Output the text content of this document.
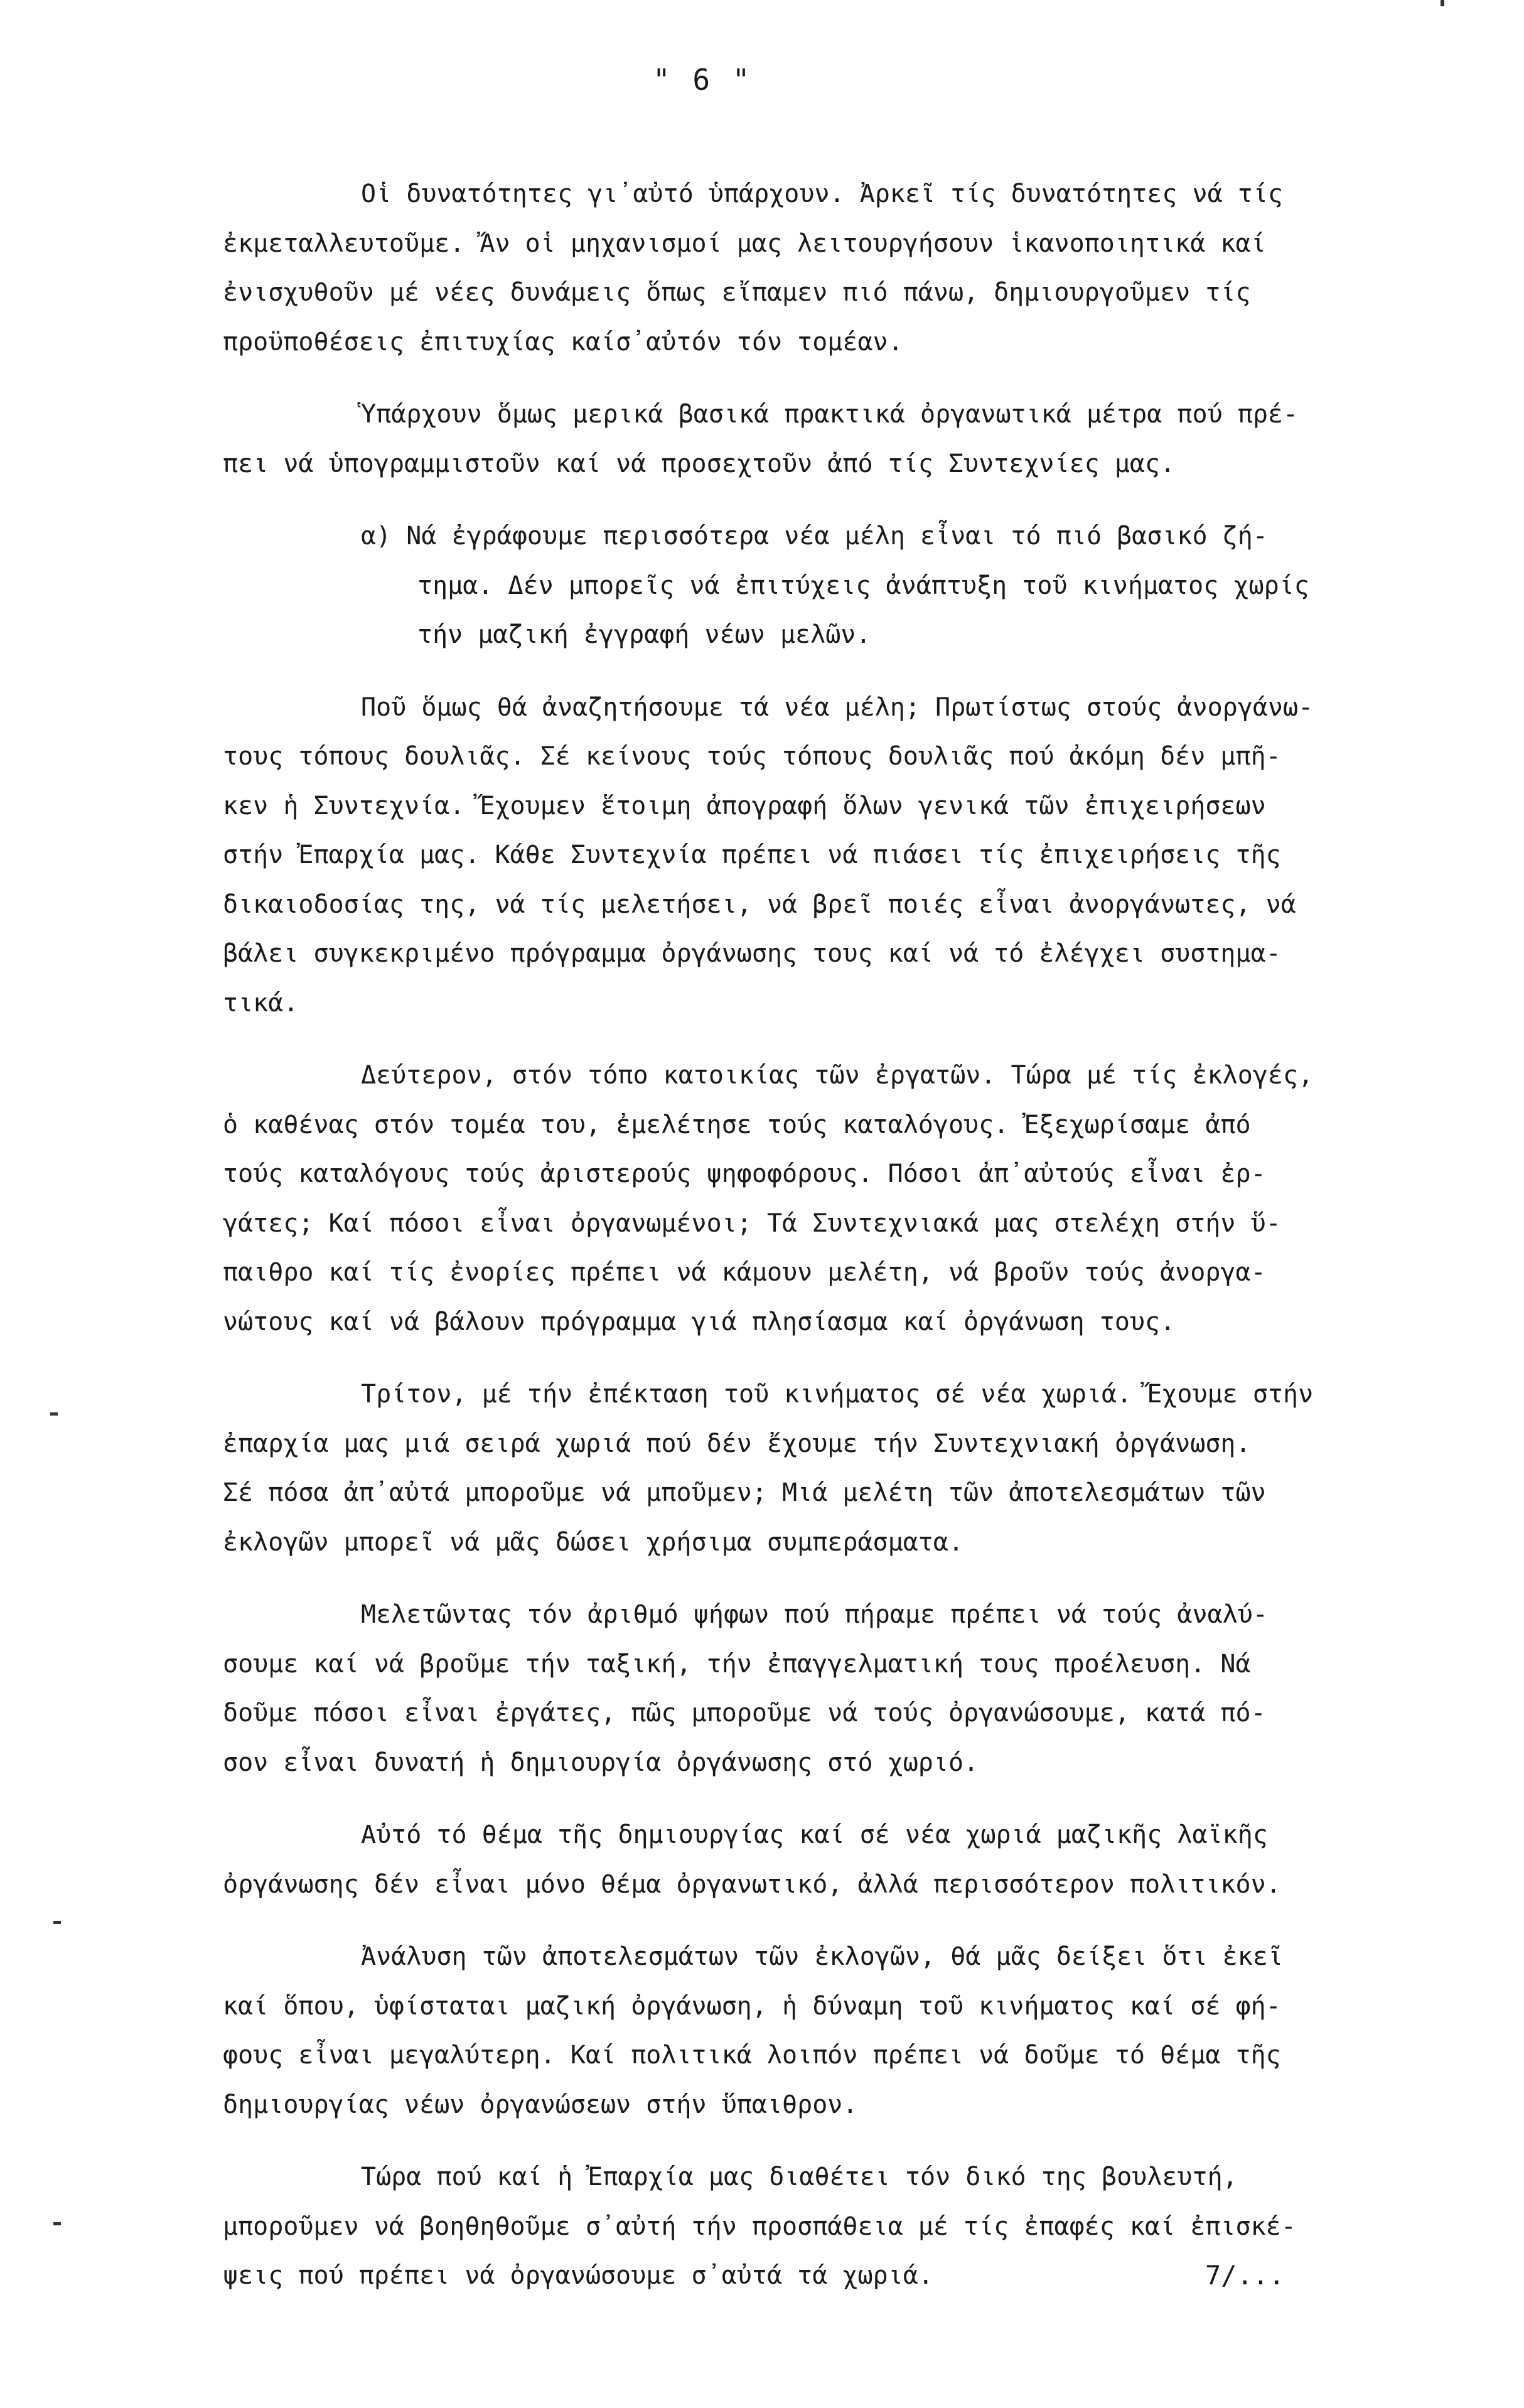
" 6 "
Οἱ δυνατότητες γι᾽αὐτό ὑπάρχουν. Ἀρκεῖ τίς δυνατότητες νά τίς
ἐκμεταλλευτοῦμε. Ἄν οἱ μηχανισμοί μας λειτουργήσουν ἱκανοποιητικά καί
ἐνισχυθοῦν μέ νέες δυνάμεις ὅπως εἴπαμεν πιό πάνω, δημιουργοῦμεν τίς
προϋποθέσεις ἐπιτυχίας καίσ᾽αὐτόν τόν τομέαν.
Ὑπάρχουν ὅμως μερικά βασικά πρακτικά ὀργανωτικά μέτρα πού πρέ-
πει νά ὑπογραμμιστοῦν καί νά προσεχτοῦν ἀπό τίς Συντεχνίες μας.
α) Νά ἐγράφουμε περισσότερα νέα μέλη εἶναι τό πιό βασικό ζή-
τημα. Δέν μπορεῖς νά ἐπιτύχεις ἀνάπτυξη τοῦ κινήματος χωρίς
τήν μαζική ἐγγραφή νέων μελῶν.
Ποῦ ὅμως θά ἀναζητήσουμε τά νέα μέλη; Πρωτίστως στούς ἀνοργάνω-
τους τόπους δουλιᾶς. Σέ κείνους τούς τόπους δουλιᾶς πού ἀκόμη δέν μπῆ-
κεν ἡ Συντεχνία. Ἔχουμεν ἕτοιμη ἀπογραφή ὅλων γενικά τῶν ἐπιχειρήσεων
στήν Ἐπαρχία μας. Κάθε Συντεχνία πρέπει νά πιάσει τίς ἐπιχειρήσεις τῆς
δικαιοδοσίας της, νά τίς μελετήσει, νά βρεῖ ποιές εἶναι ἀνοργάνωτες, νά
βάλει συγκεκριμένο πρόγραμμα ὀργάνωσης τους καί νά τό ἐλέγχει συστημα-
τικά.
Δεύτερον, στόν τόπο κατοικίας τῶν ἐργατῶν. Τώρα μέ τίς ἐκλογές,
ὁ καθένας στόν τομέα του, ἐμελέτησε τούς καταλόγους. Ἐξεχωρίσαμε ἀπό
τούς καταλόγους τούς ἀριστερούς ψηφοφόρους. Πόσοι ἀπ᾽αὐτούς εἶναι ἐρ-
γάτες; Καί πόσοι εἶναι ὀργανωμένοι; Τά Συντεχνιακά μας στελέχη στήν ὕ-
παιθρο καί τίς ἐνορίες πρέπει νά κάμουν μελέτη, νά βροῦν τούς ἀνοργα-
νώτους καί νά βάλουν πρόγραμμα γιά πλησίασμα καί ὀργάνωση τους.
Τρίτον, μέ τήν ἐπέκταση τοῦ κινήματος σέ νέα χωριά. Ἔχουμε στήν
ἐπαρχία μας μιά σειρά χωριά πού δέν ἔχουμε τήν Συντεχνιακή ὀργάνωση.
Σέ πόσα ἀπ᾽αὐτά μποροῦμε νά μποῦμεν; Μιά μελέτη τῶν ἀποτελεσμάτων τῶν
ἐκλογῶν μπορεῖ νά μᾶς δώσει χρήσιμα συμπεράσματα.
Μελετῶντας τόν ἀριθμό ψήφων πού πήραμε πρέπει νά τούς ἀναλύ-
σουμε καί νά βροῦμε τήν ταξική, τήν ἐπαγγελματική τους προέλευση. Νά
δοῦμε πόσοι εἶναι ἐργάτες, πῶς μποροῦμε νά τούς ὀργανώσουμε, κατά πό-
σον εἶναι δυνατή ἡ δημιουργία ὀργάνωσης στό χωριό.
Αὐτό τό θέμα τῆς δημιουργίας καί σέ νέα χωριά μαζικῆς λαϊκῆς
ὀργάνωσης δέν εἶναι μόνο θέμα ὀργανωτικό, ἀλλά περισσότερον πολιτικόν.
Ἀνάλυση τῶν ἀποτελεσμάτων τῶν ἐκλογῶν, θά μᾶς δείξει ὅτι ἐκεῖ
καί ὅπου, ὑφίσταται μαζική ὀργάνωση, ἡ δύναμη τοῦ κινήματος καί σέ φή-
φους εἶναι μεγαλύτερη. Καί πολιτικά λοιπόν πρέπει νά δοῦμε τό θέμα τῆς
δημιουργίας νέων ὀργανώσεων στήν ὕπαιθρον.
Τώρα πού καί ἡ Ἐπαρχία μας διαθέτει τόν δικό της βουλευτή,
μποροῦμεν νά βοηθηθοῦμε σ᾽αὐτή τήν προσπάθεια μέ τίς ἐπαφές καί ἐπισκέ-
ψεις πού πρέπει νά ὀργανώσουμε σ᾽αὐτά τά χωριά.	7/...
